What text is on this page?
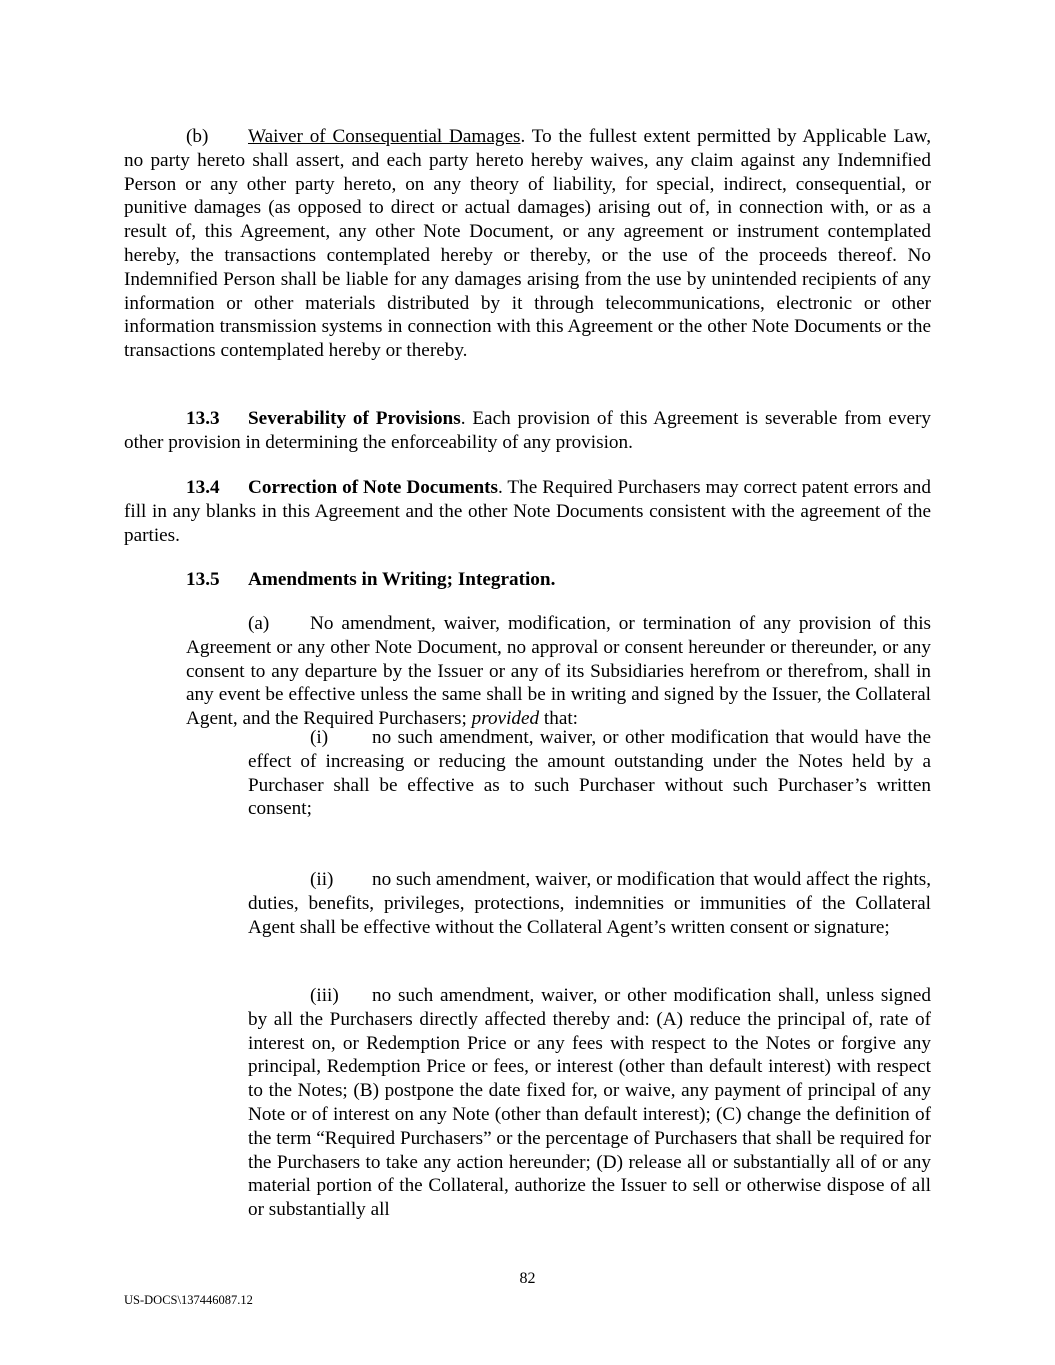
(b) Waiver of Consequential Damages. To the fullest extent permitted by Applicable Law, no party hereto shall assert, and each party hereto hereby waives, any claim against any Indemnified Person or any other party hereto, on any theory of liability, for special, indirect, consequential, or punitive damages (as opposed to direct or actual damages) arising out of, in connection with, or as a result of, this Agreement, any other Note Document, or any agreement or instrument contemplated hereby, the transactions contemplated hereby or thereby, or the use of the proceeds thereof. No Indemnified Person shall be liable for any damages arising from the use by unintended recipients of any information or other materials distributed by it through telecommunications, electronic or other information transmission systems in connection with this Agreement or the other Note Documents or the transactions contemplated hereby or thereby.

13.3 Severability of Provisions. Each provision of this Agreement is severable from every other provision in determining the enforceability of any provision.

13.4 Correction of Note Documents. The Required Purchasers may correct patent errors and fill in any blanks in this Agreement and the other Note Documents consistent with the agreement of the parties.

13.5 Amendments in Writing; Integration.

(a) No amendment, waiver, modification, or termination of any provision of this Agreement or any other Note Document, no approval or consent hereunder or thereunder, or any consent to any departure by the Issuer or any of its Subsidiaries herefrom or therefrom, shall in any event be effective unless the same shall be in writing and signed by the Issuer, the Collateral Agent, and the Required Purchasers; provided that:

(i) no such amendment, waiver, or other modification that would have the effect of increasing or reducing the amount outstanding under the Notes held by a Purchaser shall be effective as to such Purchaser without such Purchaser’s written consent;

(ii) no such amendment, waiver, or modification that would affect the rights, duties, benefits, privileges, protections, indemnities or immunities of the Collateral Agent shall be effective without the Collateral Agent’s written consent or signature;

(iii) no such amendment, waiver, or other modification shall, unless signed by all the Purchasers directly affected thereby and: (A) reduce the principal of, rate of interest on, or Redemption Price or any fees with respect to the Notes or forgive any principal, Redemption Price or fees, or interest (other than default interest) with respect to the Notes; (B) postpone the date fixed for, or waive, any payment of principal of any Note or of interest on any Note (other than default interest); (C) change the definition of the term “Required Purchasers” or the percentage of Purchasers that shall be required for the Purchasers to take any action hereunder; (D) release all or substantially all of or any material portion of the Collateral, authorize the Issuer to sell or otherwise dispose of all or substantially all

82
US-DOCS\137446087.12
